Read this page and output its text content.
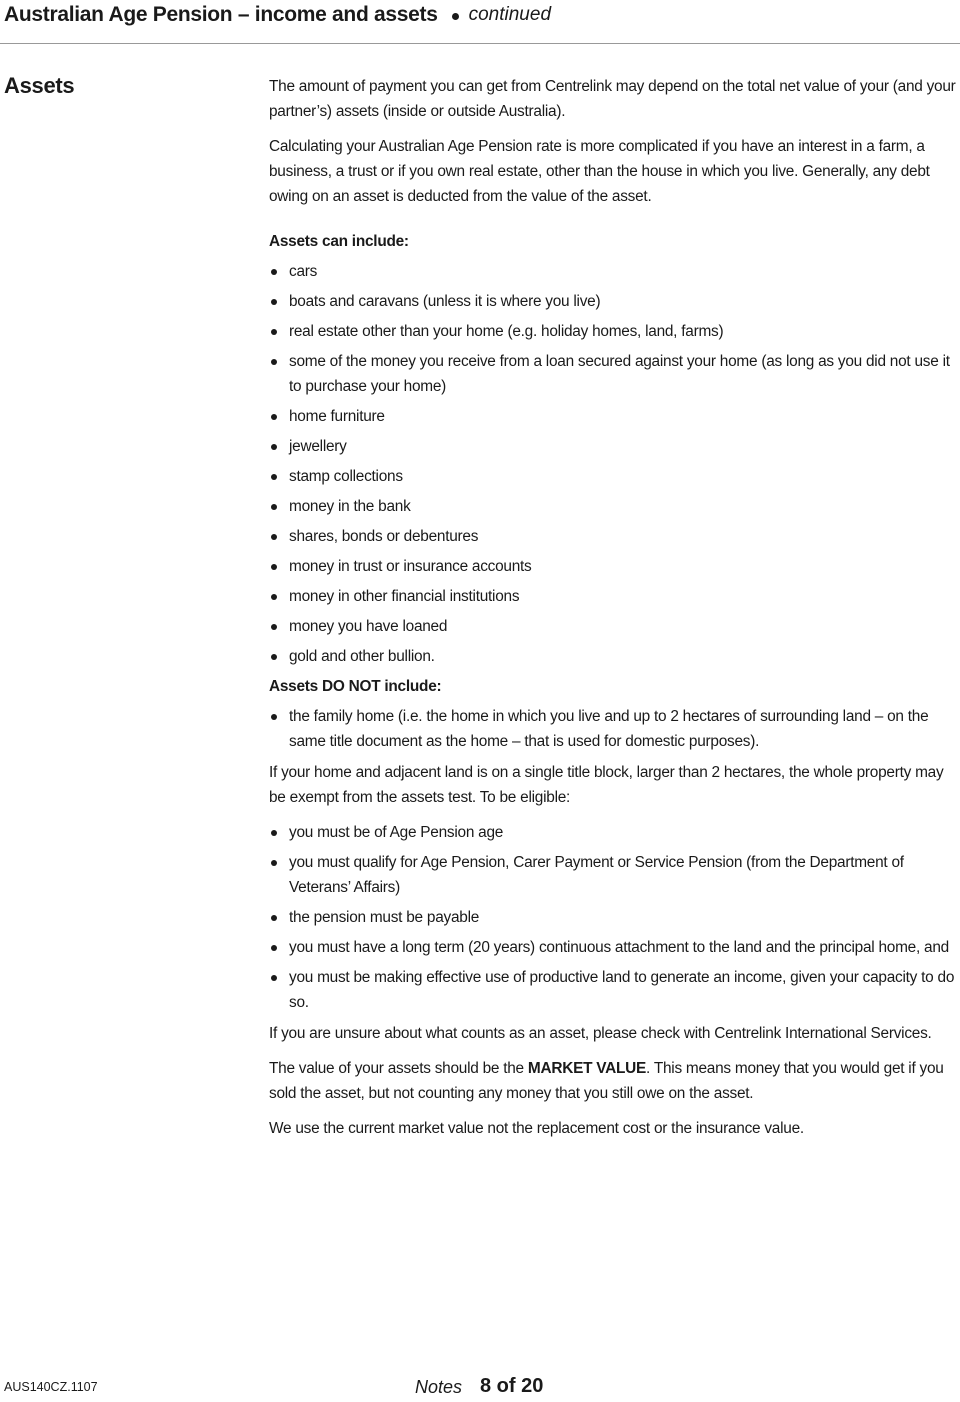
Australian Age Pension – income and assets continued
Assets	The amount of payment you can get from Centrelink may depend on the total net value of your (and your partner’s) assets (inside or outside Australia).

Calculating your Australian Age Pension rate is more complicated if you have an interest in a farm, a business, a trust or if you own real estate, other than the house in which you live. Generally, any debt owing on an asset is deducted from the value of the asset.

Assets can include:

cars
boats and caravans (unless it is where you live)
real estate other than your home (e.g. holiday homes, land, farms)
some of the money you receive from a loan secured against your home (as long as you did not use it to purchase your home)
home furniture
jewellery
stamp collections
money in the bank
shares, bonds or debentures
money in trust or insurance accounts
money in other financial institutions
money you have loaned
gold and other bullion.

Assets DO NOT include:

the family home (i.e. the home in which you live and up to 2 hectares of surrounding land – on the same title document as the home – that is used for domestic purposes).

If your home and adjacent land is on a single title block, larger than 2 hectares, the whole property may be exempt from the assets test. To be eligible:

you must be of Age Pension age
you must qualify for Age Pension, Carer Payment or Service Pension (from the Department of Veterans’ Affairs)
the pension must be payable
you must have a long term (20 years) continuous attachment to the land and the principal home, and
you must be making effective use of productive land to generate an income, given your capacity to do so.

If you are unsure about what counts as an asset, please check with Centrelink International Services.

The value of your assets should be the MARKET VALUE. This means money that you would get if you sold the asset, but not counting any money that you still owe on the asset.

We use the current market value not the replacement cost or the insurance value.

AUS140CZ.1107	Notes 8 of 20
